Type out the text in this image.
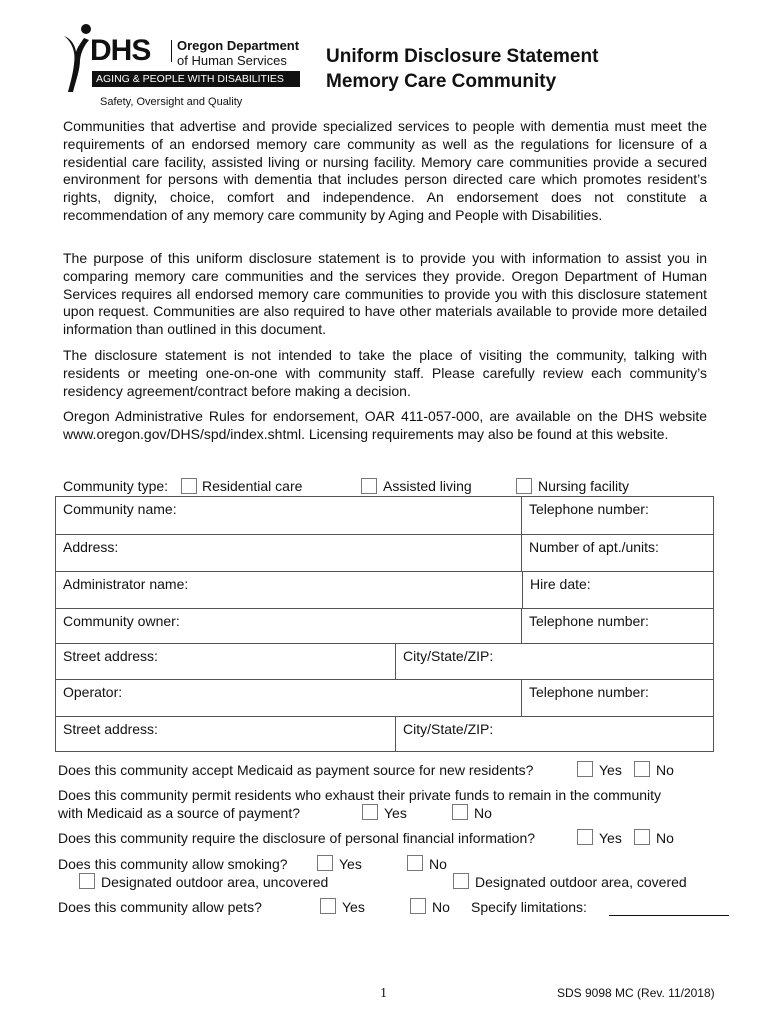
DHS Oregon Department
of Human Services
AGING & PEOPLE WITH DISABILITIES
Safety, Oversight and Quality
Uniform Disclosure Statement
Memory Care Community

Communities that advertise and provide specialized services to people with dementia must meet the requirements of an endorsed memory care community as well as the regulations for licensure of a residential care facility, assisted living or nursing facility. Memory care communities provide a secured environment for persons with dementia that includes person directed care which promotes resident’s rights, dignity, choice, comfort and independence. An endorsement does not constitute a recommendation of any memory care community by Aging and People with Disabilities.

The purpose of this uniform disclosure statement is to provide you with information to assist you in comparing memory care communities and the services they provide. Oregon Department of Human Services requires all endorsed memory care communities to provide you with this disclosure statement upon request. Communities are also required to have other materials available to provide more detailed information than outlined in this document.

The disclosure statement is not intended to take the place of visiting the community, talking with residents or meeting one-on-one with community staff. Please carefully review each community’s residency agreement/contract before making a decision.

Oregon Administrative Rules for endorsement, OAR 411-057-000, are available on the DHS website www.oregon.gov/DHS/spd/index.shtml. Licensing requirements may also be found at this website.

Community type: Residential care	Assisted living	Nursing facility
Community name:	Telephone number:
Address:	Number of apt./units:
Administrator name:	Hire date:
Community owner:	Telephone number:
Street address:	City/State/ZIP:
Operator:	Telephone number:
Street address:	City/State/ZIP:
Does this community accept Medicaid as payment source for new residents?	Yes No
Does this community permit residents who exhaust their private funds to remain in the community
with Medicaid as a source of payment?	Yes	No
Does this community require the disclosure of personal financial information?	Yes No
Does this community allow smoking?	Yes	No
Designated outdoor area, uncovered	Designated outdoor area, covered
Does this community allow pets?	Yes	No Specify limitations:
1	SDS 9098 MC (Rev. 11/2018)
